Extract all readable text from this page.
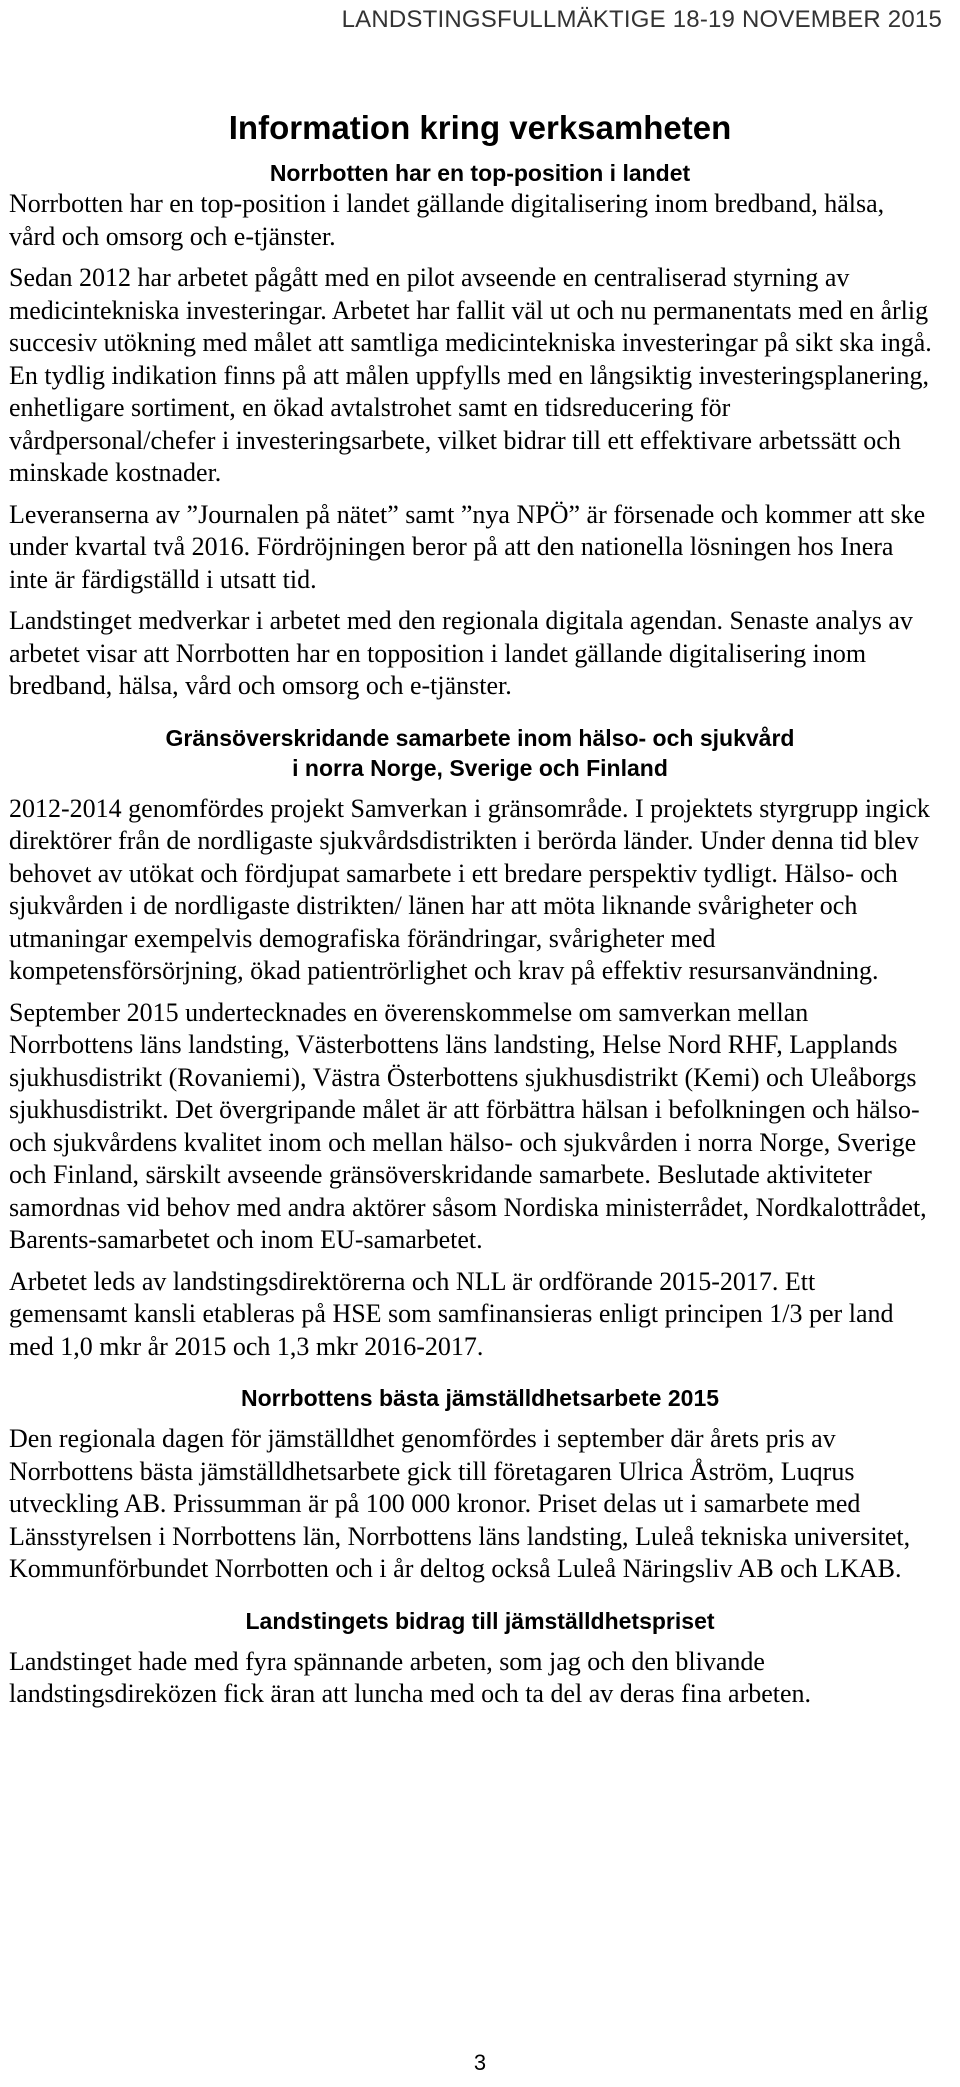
LANDSTINGSFULLMÄKTIGE 18-19 NOVEMBER 2015
Information kring verksamheten
Norrbotten har en top-position i landet

Norrbotten har en top-position i landet gällande digitalisering inom bredband, hälsa, vård och omsorg och e-tjänster.

Sedan 2012 har arbetet pågått med en pilot avseende en centraliserad styrning av medicintekniska investeringar. Arbetet har fallit väl ut och nu permanentats med en årlig succesiv utökning med målet att samtliga medicintekniska investeringar på sikt ska ingå. En tydlig indikation finns på att målen uppfylls med en långsiktig investeringsplanering, enhetligare sortiment, en ökad avtalstrohet samt en tidsreducering för vårdpersonal/chefer i investeringsarbete, vilket bidrar till ett effektivare arbetssätt och minskade kostnader.

Leveranserna av ”Journalen på nätet” samt ”nya NPÖ” är försenade och kommer att ske under kvartal två 2016. Fördröjningen beror på att den nationella lösningen hos Inera inte är färdigställd i utsatt tid.

Landstinget medverkar i arbetet med den regionala digitala agendan. Senaste analys av arbetet visar att Norrbotten har en topposition i landet gällande digitalisering inom bredband, hälsa, vård och omsorg och e-tjänster.

Gränsöverskridande samarbete inom hälso- och sjukvård
i norra Norge, Sverige och Finland

2012-2014 genomfördes projekt Samverkan i gränsområde. I projektets styrgrupp ingick direktörer från de nordligaste sjukvårdsdistrikten i berörda länder. Under denna tid blev behovet av utökat och fördjupat samarbete i ett bredare perspektiv tydligt. Hälso- och sjukvården i de nordligaste distrikten/ länen har att möta liknande svårigheter och utmaningar exempelvis demografiska förändringar, svårigheter med kompetensförsörjning, ökad patientrörlighet och krav på effektiv resursanvändning.

September 2015 undertecknades en överenskommelse om samverkan mellan Norrbottens läns landsting, Västerbottens läns landsting, Helse Nord RHF, Lapplands sjukhusdistrikt (Rovaniemi), Västra Österbottens sjukhusdistrikt (Kemi) och Uleåborgs sjukhusdistrikt. Det övergripande målet är att förbättra hälsan i befolkningen och hälso- och sjukvårdens kvalitet inom och mellan hälso- och sjukvården i norra Norge, Sverige och Finland, särskilt avseende gränsöverskridande samarbete. Beslutade aktiviteter samordnas vid behov med andra aktörer såsom Nordiska ministerrådet, Nordkalottrådet, Barents-samarbetet och inom EU-samarbetet.

Arbetet leds av landstingsdirektörerna och NLL är ordförande 2015-2017. Ett gemensamt kansli etableras på HSE som samfinansieras enligt principen 1/3 per land med 1,0 mkr år 2015 och 1,3 mkr 2016-2017.

Norrbottens bästa jämställdhetsarbete 2015

Den regionala dagen för jämställdhet genomfördes i september där årets pris av Norrbottens bästa jämställdhetsarbete gick till företagaren Ulrica Åström, Luqrus utveckling AB. Prissumman är på 100 000 kronor. Priset delas ut i samarbete med Länsstyrelsen i Norrbottens län, Norrbottens läns landsting, Luleå tekniska universitet, Kommunförbundet Norrbotten och i år deltog också Luleå Näringsliv AB och LKAB.

Landstingets bidrag till jämställdhetspriset

Landstinget hade med fyra spännande arbeten, som jag och den blivande landstingsdireközen fick äran att luncha med och ta del av deras fina arbeten.

3
